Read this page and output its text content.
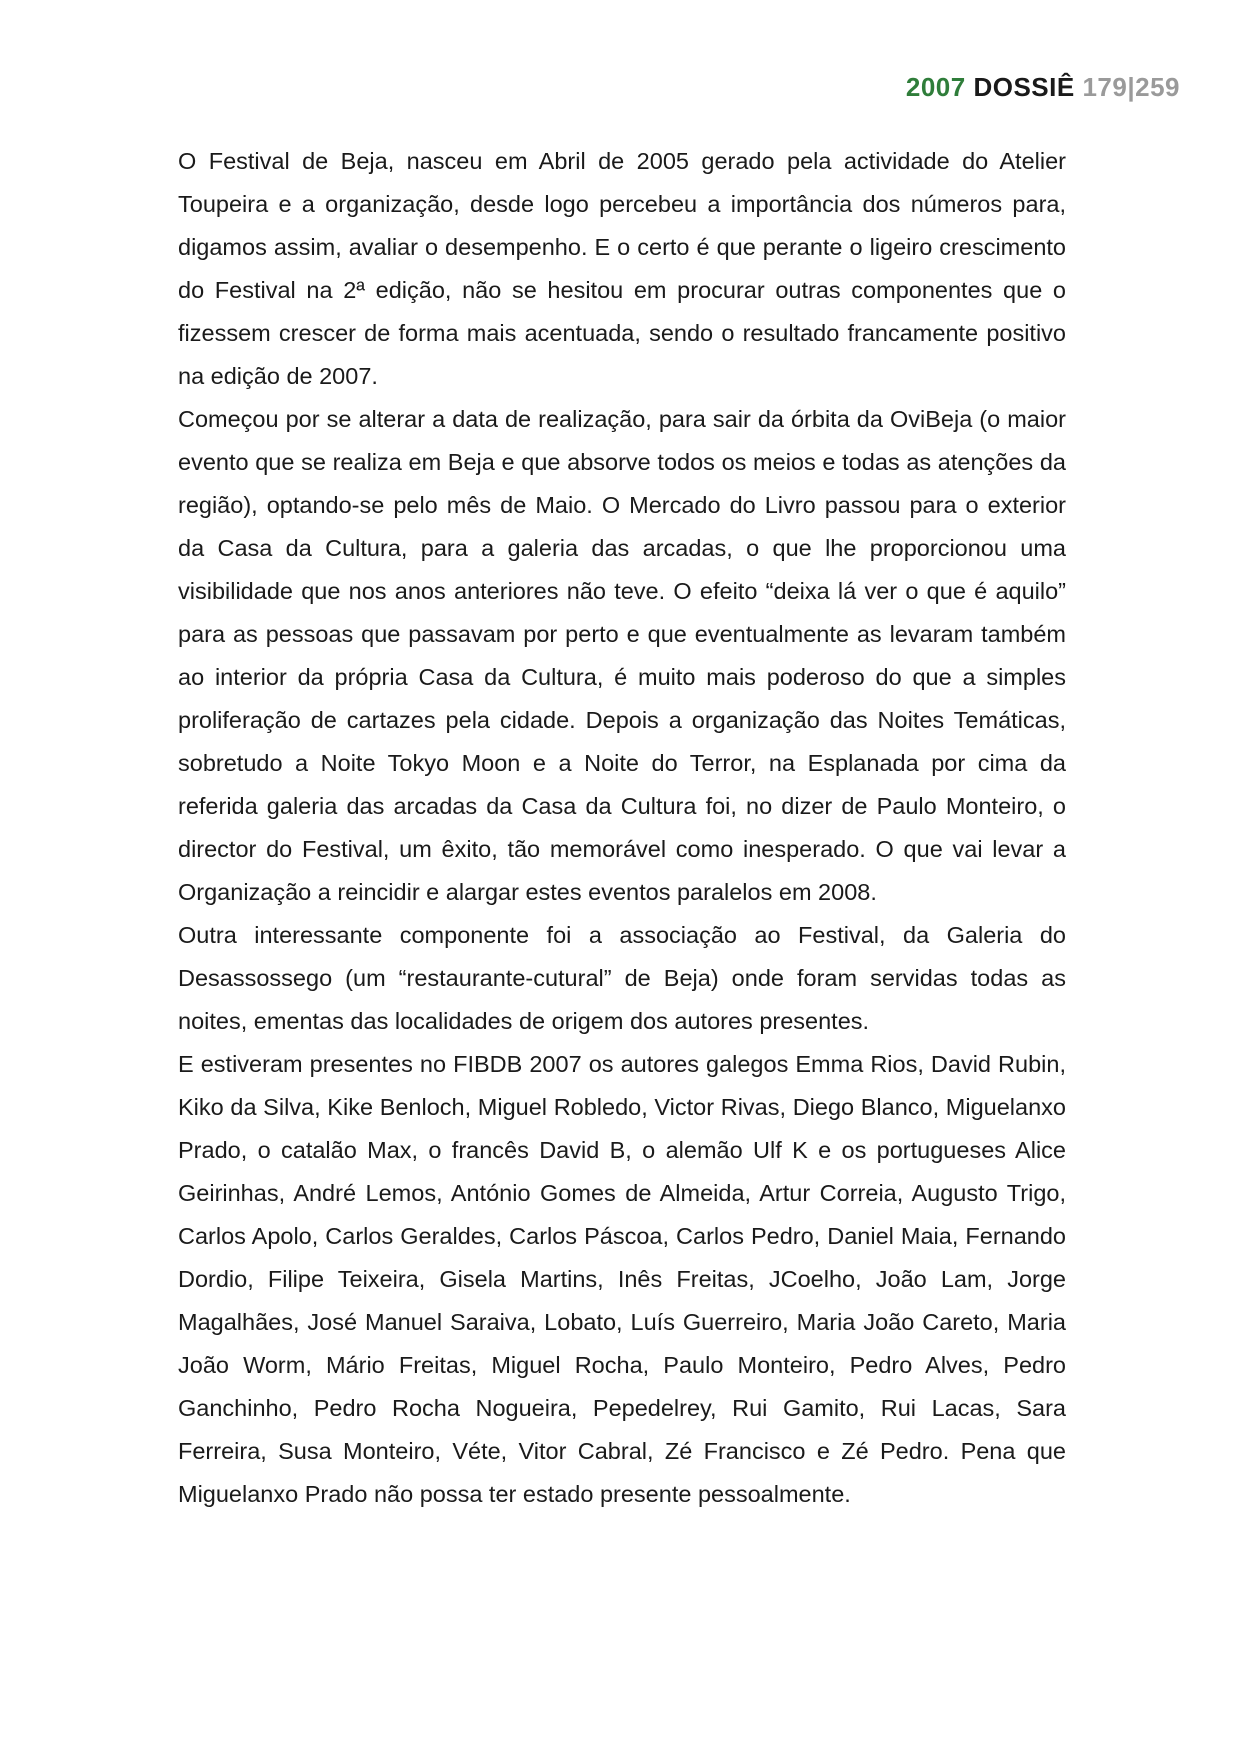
2007 DOSSIÊ 179|259

O Festival de Beja, nasceu em Abril de 2005 gerado pela actividade do Atelier Toupeira e a organização, desde logo percebeu a importância dos números para, digamos assim, avaliar o desempenho. E o certo é que perante o ligeiro crescimento do Festival na 2ª edição, não se hesitou em procurar outras componentes que o fizessem crescer de forma mais acentuada, sendo o resultado francamente positivo na edição de 2007.

Começou por se alterar a data de realização, para sair da órbita da OviBeja (o maior evento que se realiza em Beja e que absorve todos os meios e todas as atenções da região), optando-se pelo mês de Maio. O Mercado do Livro passou para o exterior da Casa da Cultura, para a galeria das arcadas, o que lhe proporcionou uma visibilidade que nos anos anteriores não teve. O efeito “deixa lá ver o que é aquilo” para as pessoas que passavam por perto e que eventualmente as levaram também ao interior da própria Casa da Cultura, é muito mais poderoso do que a simples proliferação de cartazes pela cidade. Depois a organização das Noites Temáticas, sobretudo a Noite Tokyo Moon e a Noite do Terror, na Esplanada por cima da referida galeria das arcadas da Casa da Cultura foi, no dizer de Paulo Monteiro, o director do Festival, um êxito, tão memorável como inesperado. O que vai levar a Organização a reincidir e alargar estes eventos paralelos em 2008.

Outra interessante componente foi a associação ao Festival, da Galeria do Desassossego (um “restaurante-cutural” de Beja) onde foram servidas todas as noites, ementas das localidades de origem dos autores presentes.

E estiveram presentes no FIBDB 2007 os autores galegos Emma Rios, David Rubin, Kiko da Silva, Kike Benloch, Miguel Robledo, Victor Rivas, Diego Blanco, Miguelanxo Prado, o catalão Max, o francês David B, o alemão Ulf K e os portugueses Alice Geirinhas, André Lemos, António Gomes de Almeida, Artur Correia, Augusto Trigo, Carlos Apolo, Carlos Geraldes, Carlos Páscoa, Carlos Pedro, Daniel Maia, Fernando Dordio, Filipe Teixeira, Gisela Martins, Inês Freitas, JCoelho, João Lam, Jorge Magalhães, José Manuel Saraiva, Lobato, Luís Guerreiro, Maria João Careto, Maria João Worm, Mário Freitas, Miguel Rocha, Paulo Monteiro, Pedro Alves, Pedro Ganchinho, Pedro Rocha Nogueira, Pepedelrey, Rui Gamito, Rui Lacas, Sara Ferreira, Susa Monteiro, Véte, Vitor Cabral, Zé Francisco e Zé Pedro. Pena que Miguelanxo Prado não possa ter estado presente pessoalmente.
